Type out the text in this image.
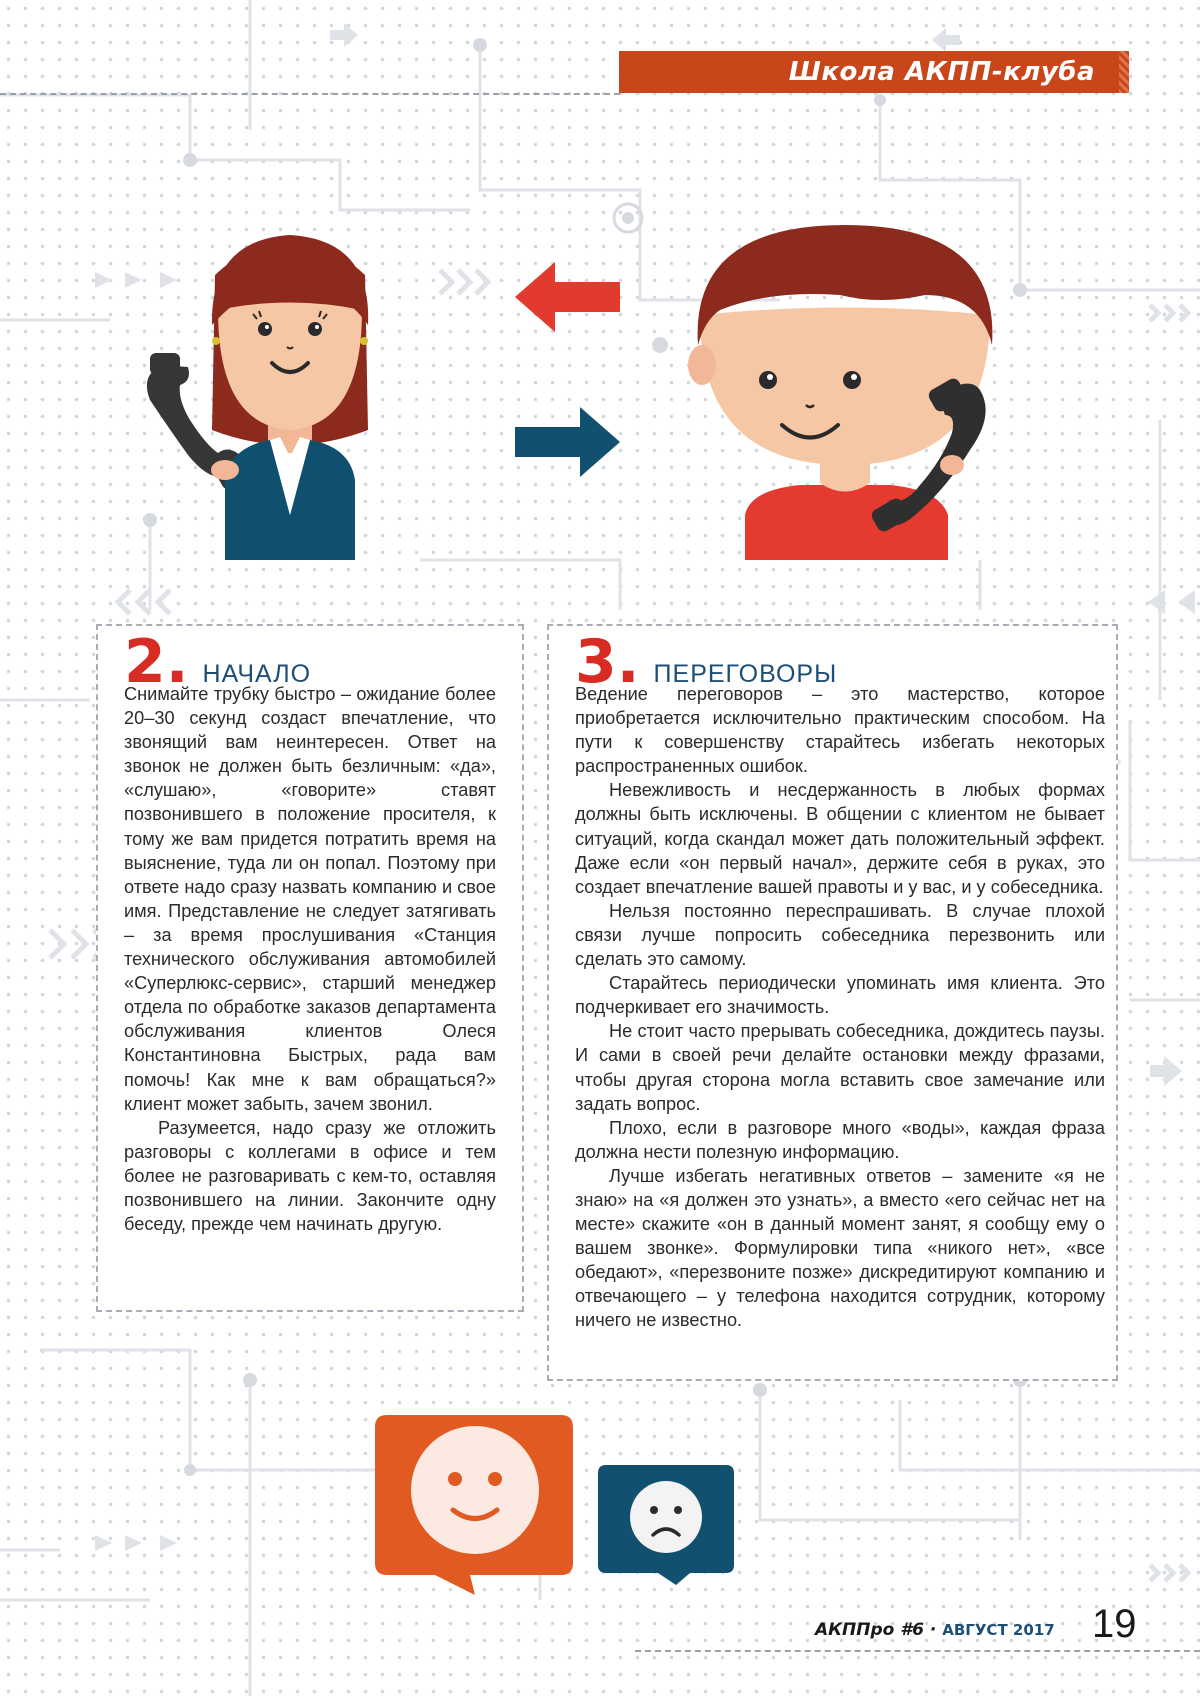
Школа АКПП-клуба
2. НАЧАЛО

Снимайте трубку быстро – ожидание более 20–30 секунд создаст впечатление, что звонящий вам неинтересен. Ответ на звонок не должен быть безличным: «да», «слушаю», «говорите» ставят позвонившего в положение просителя, к тому же вам придется потратить время на выяснение, туда ли он попал. Поэтому при ответе надо сразу назвать компанию и свое имя. Представление не следует затягивать – за время прослушивания «Станция технического обслуживания автомобилей «Суперлюкс-сервис», старший менеджер отдела по обработке заказов департамента обслуживания клиентов Олеся Константиновна Быстрых, рада вам помочь! Как мне к вам обращаться?» клиент может забыть, зачем звонил.

Разумеется, надо сразу же отложить разговоры с коллегами в офисе и тем более не разговаривать с кем-то, оставляя позвонившего на линии. Закончите одну беседу, прежде чем начинать другую.

3. ПЕРЕГОВОРЫ

Ведение переговоров – это мастерство, которое приобретается исключительно практическим способом. На пути к совершенству старайтесь избегать некоторых распространенных ошибок.

Невежливость и несдержанность в любых формах должны быть исключены. В общении с клиентом не бывает ситуаций, когда скандал может дать положительный эффект. Даже если «он первый начал», держите себя в руках, это создает впечатление вашей правоты и у вас, и у собеседника.

Нельзя постоянно переспрашивать. В случае плохой связи лучше попросить собеседника перезвонить или сделать это самому.

Старайтесь периодически упоминать имя клиента. Это подчеркивает его значимость.

Не стоит часто прерывать собеседника, дождитесь паузы. И сами в своей речи делайте остановки между фразами, чтобы другая сторона могла вставить свое замечание или задать вопрос.

Плохо, если в разговоре много «воды», каждая фраза должна нести полезную информацию.

Лучше избегать негативных ответов – замените «я не знаю» на «я должен это узнать», а вместо «его сейчас нет на месте» скажите «он в данный момент занят, я сообщу ему о вашем звонке». Формулировки типа «никого нет», «все обедают», «перезвоните позже» дискредитируют компанию и отвечающего – у телефона находится сотрудник, которому ничего не известно.

АКППро #6 · АВГУСТ 2017 19
